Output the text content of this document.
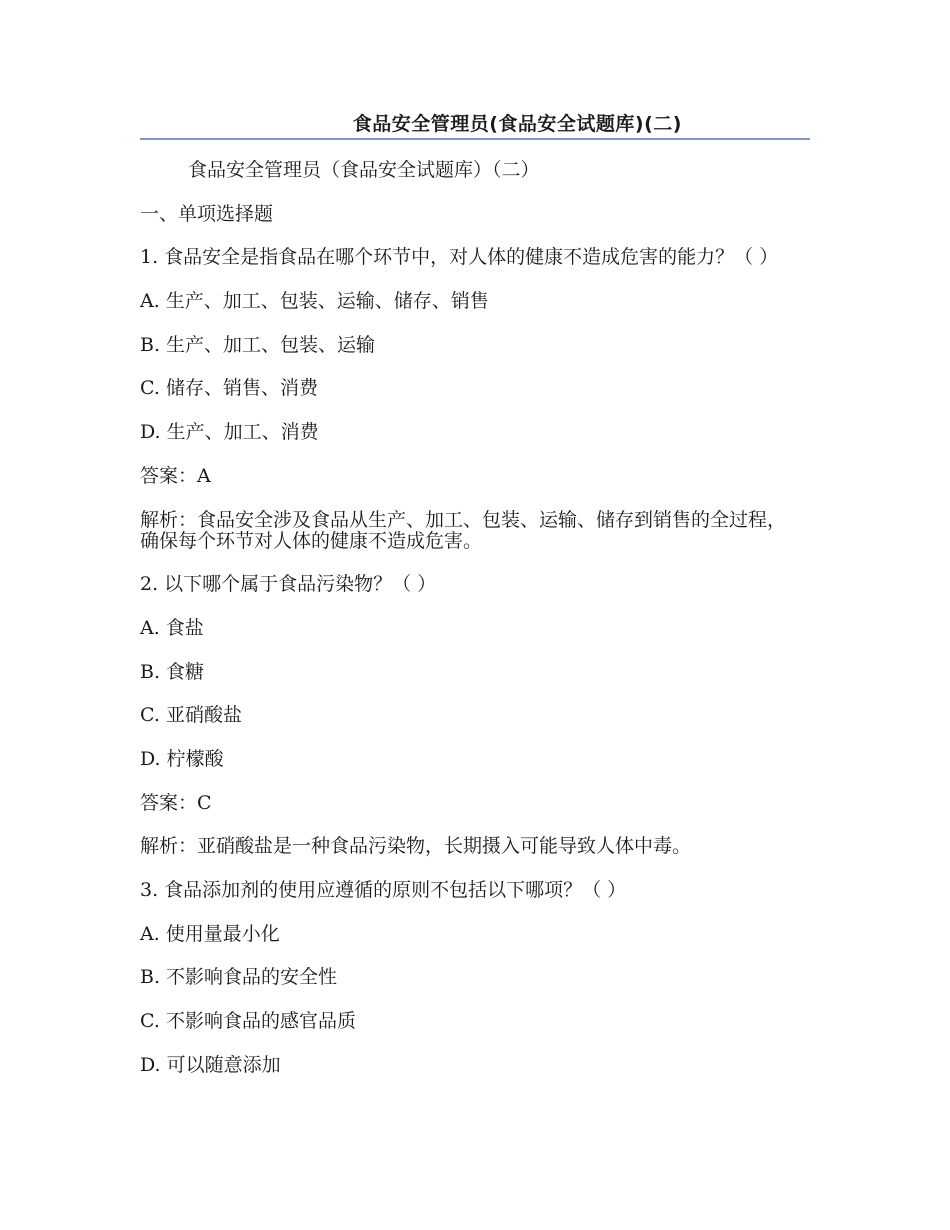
食品安全管理员(食品安全试题库)(二)

食品安全管理员（食品安全试题库）（二）

一、单项选择题

1. 食品安全是指食品在哪个环节中，对人体的健康不造成危害的能力？（ ）

A. 生产、加工、包装、运输、储存、销售

B. 生产、加工、包装、运输

C. 储存、销售、消费

D. 生产、加工、消费

答案：A

解析：食品安全涉及食品从生产、加工、包装、运输、储存到销售的全过程，确保每个环节对人体的健康不造成危害。

2. 以下哪个属于食品污染物？（ ）

A. 食盐

B. 食糖

C. 亚硝酸盐

D. 柠檬酸

答案：C

解析：亚硝酸盐是一种食品污染物，长期摄入可能导致人体中毒。

3. 食品添加剂的使用应遵循的原则不包括以下哪项？（ ）

A. 使用量最小化

B. 不影响食品的安全性

C. 不影响食品的感官品质

D. 可以随意添加
